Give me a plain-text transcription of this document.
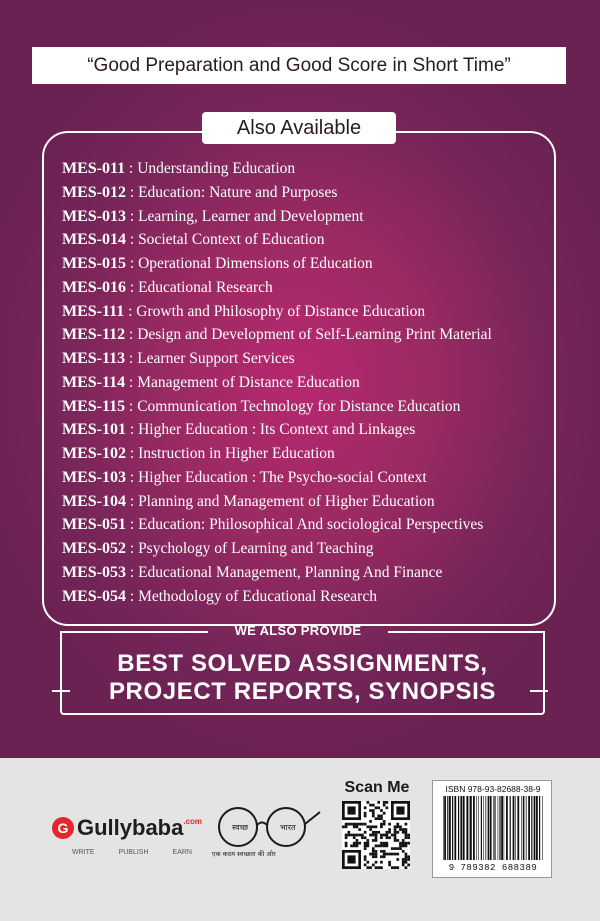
“Good Preparation and Good Score in Short Time”
Also Available
MES-011 : Understanding Education
MES-012 : Education: Nature and Purposes
MES-013 : Learning, Learner and Development
MES-014 : Societal Context of Education
MES-015 : Operational Dimensions of Education
MES-016 : Educational Research
MES-111 : Growth and Philosophy of Distance Education
MES-112 : Design and Development of Self-Learning Print Material
MES-113 : Learner Support Services
MES-114 : Management of Distance Education
MES-115 : Communication Technology for Distance Education
MES-101 : Higher Education : Its Context and Linkages
MES-102 : Instruction in Higher Education
MES-103 : Higher Education : The Psycho-social Context
MES-104 : Planning and Management of Higher Education
MES-051 : Education: Philosophical And sociological Perspectives
MES-052 : Psychology of Learning and Teaching
MES-053 : Educational Management, Planning And Finance
MES-054 : Methodology of Educational Research
WE ALSO PROVIDE
BEST SOLVED ASSIGNMENTS,
PROJECT REPORTS, SYNOPSIS
G Gullybaba .com
WRITE	PUBLISH	EARN
स्वच्छ	भारत
एक कदम स्वच्छता की ओर
Scan Me	ISBN 978-93-82688-38-9
9 789382 688389
